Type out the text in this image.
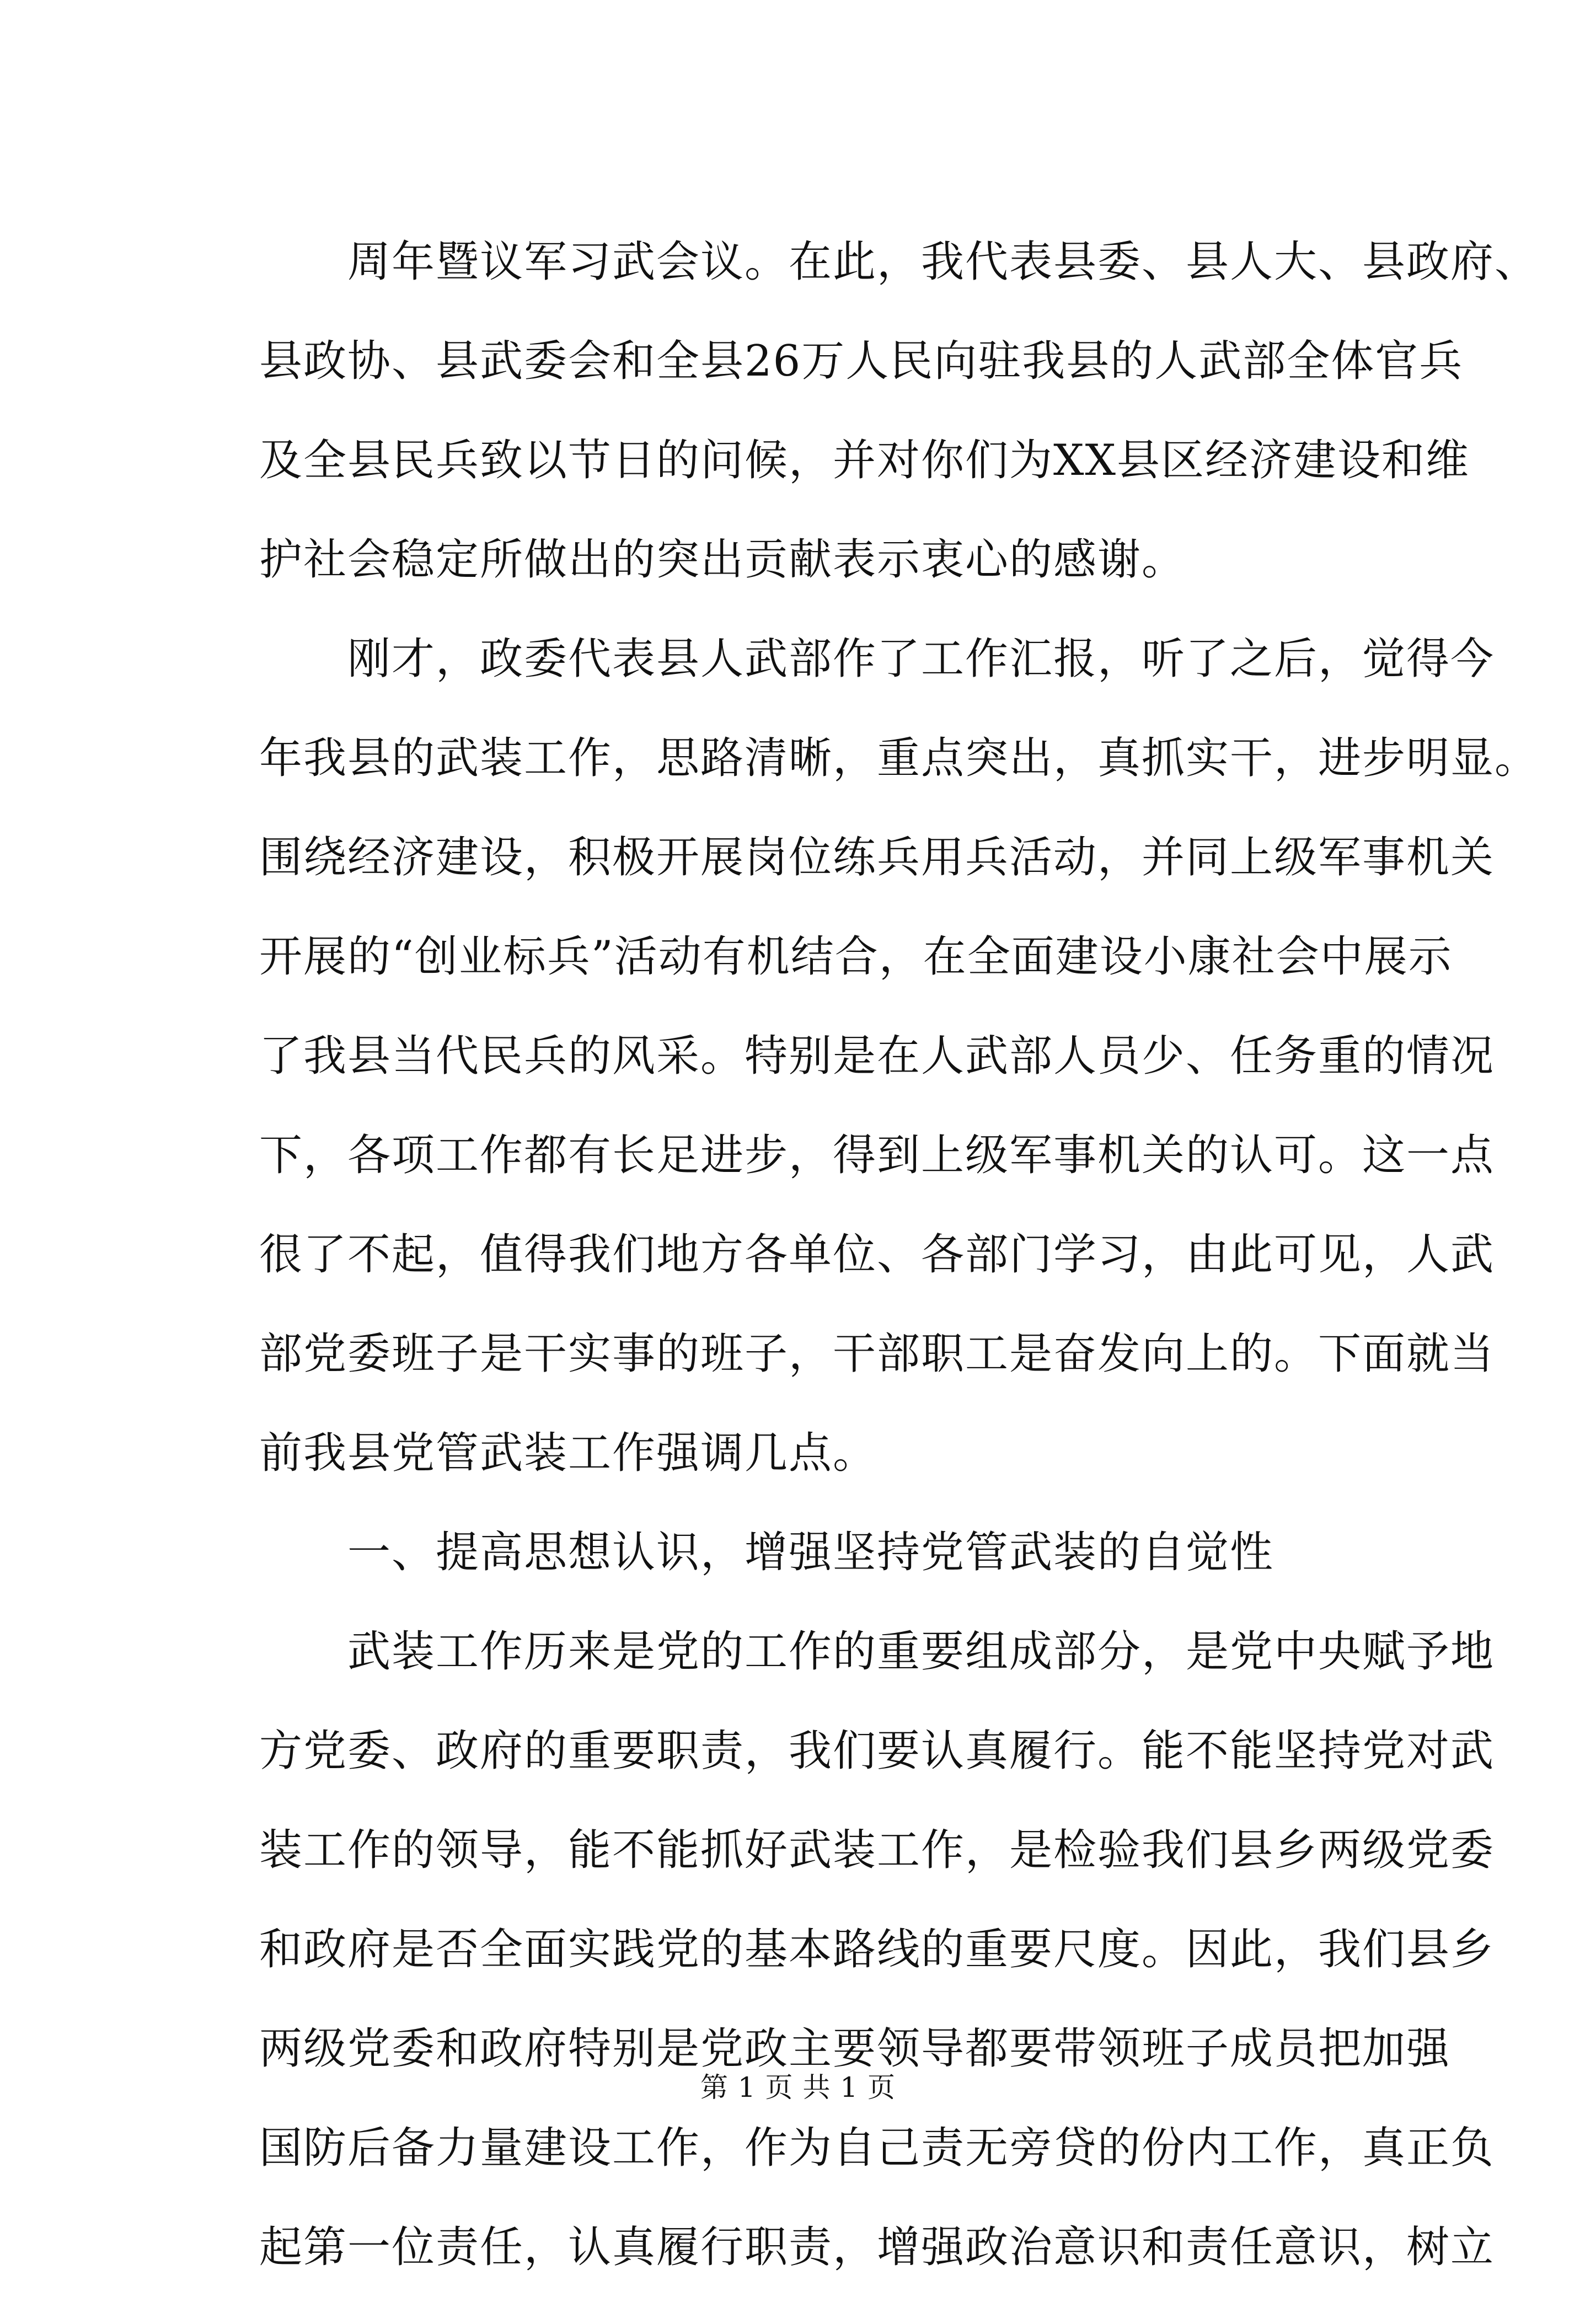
周年暨议军习武会议。在此，我代表县委、县人大、县政府、
县政协、县武委会和全县26万人民向驻我县的人武部全体官兵
及全县民兵致以节日的问候，并对你们为XX县区经济建设和维
护社会稳定所做出的突出贡献表示衷心的感谢。
刚才，政委代表县人武部作了工作汇报，听了之后，觉得今
年我县的武装工作，思路清晰，重点突出，真抓实干，进步明显。
围绕经济建设，积极开展岗位练兵用兵活动，并同上级军事机关
开展的“创业标兵”活动有机结合，在全面建设小康社会中展示
了我县当代民兵的风采。特别是在人武部人员少、任务重的情况
下，各项工作都有长足进步，得到上级军事机关的认可。这一点
很了不起，值得我们地方各单位、各部门学习，由此可见，人武
部党委班子是干实事的班子，干部职工是奋发向上的。下面就当
前我县党管武装工作强调几点。
一、提高思想认识，增强坚持党管武装的自觉性
武装工作历来是党的工作的重要组成部分，是党中央赋予地
方党委、政府的重要职责，我们要认真履行。能不能坚持党对武
装工作的领导，能不能抓好武装工作，是检验我们县乡两级党委
和政府是否全面实践党的基本路线的重要尺度。因此，我们县乡
两级党委和政府特别是党政主要领导都要带领班子成员把加强
国防后备力量建设工作，作为自己责无旁贷的份内工作，真正负
起第一位责任，认真履行职责，增强政治意识和责任意识，树立
第 1 页 共 1 页
